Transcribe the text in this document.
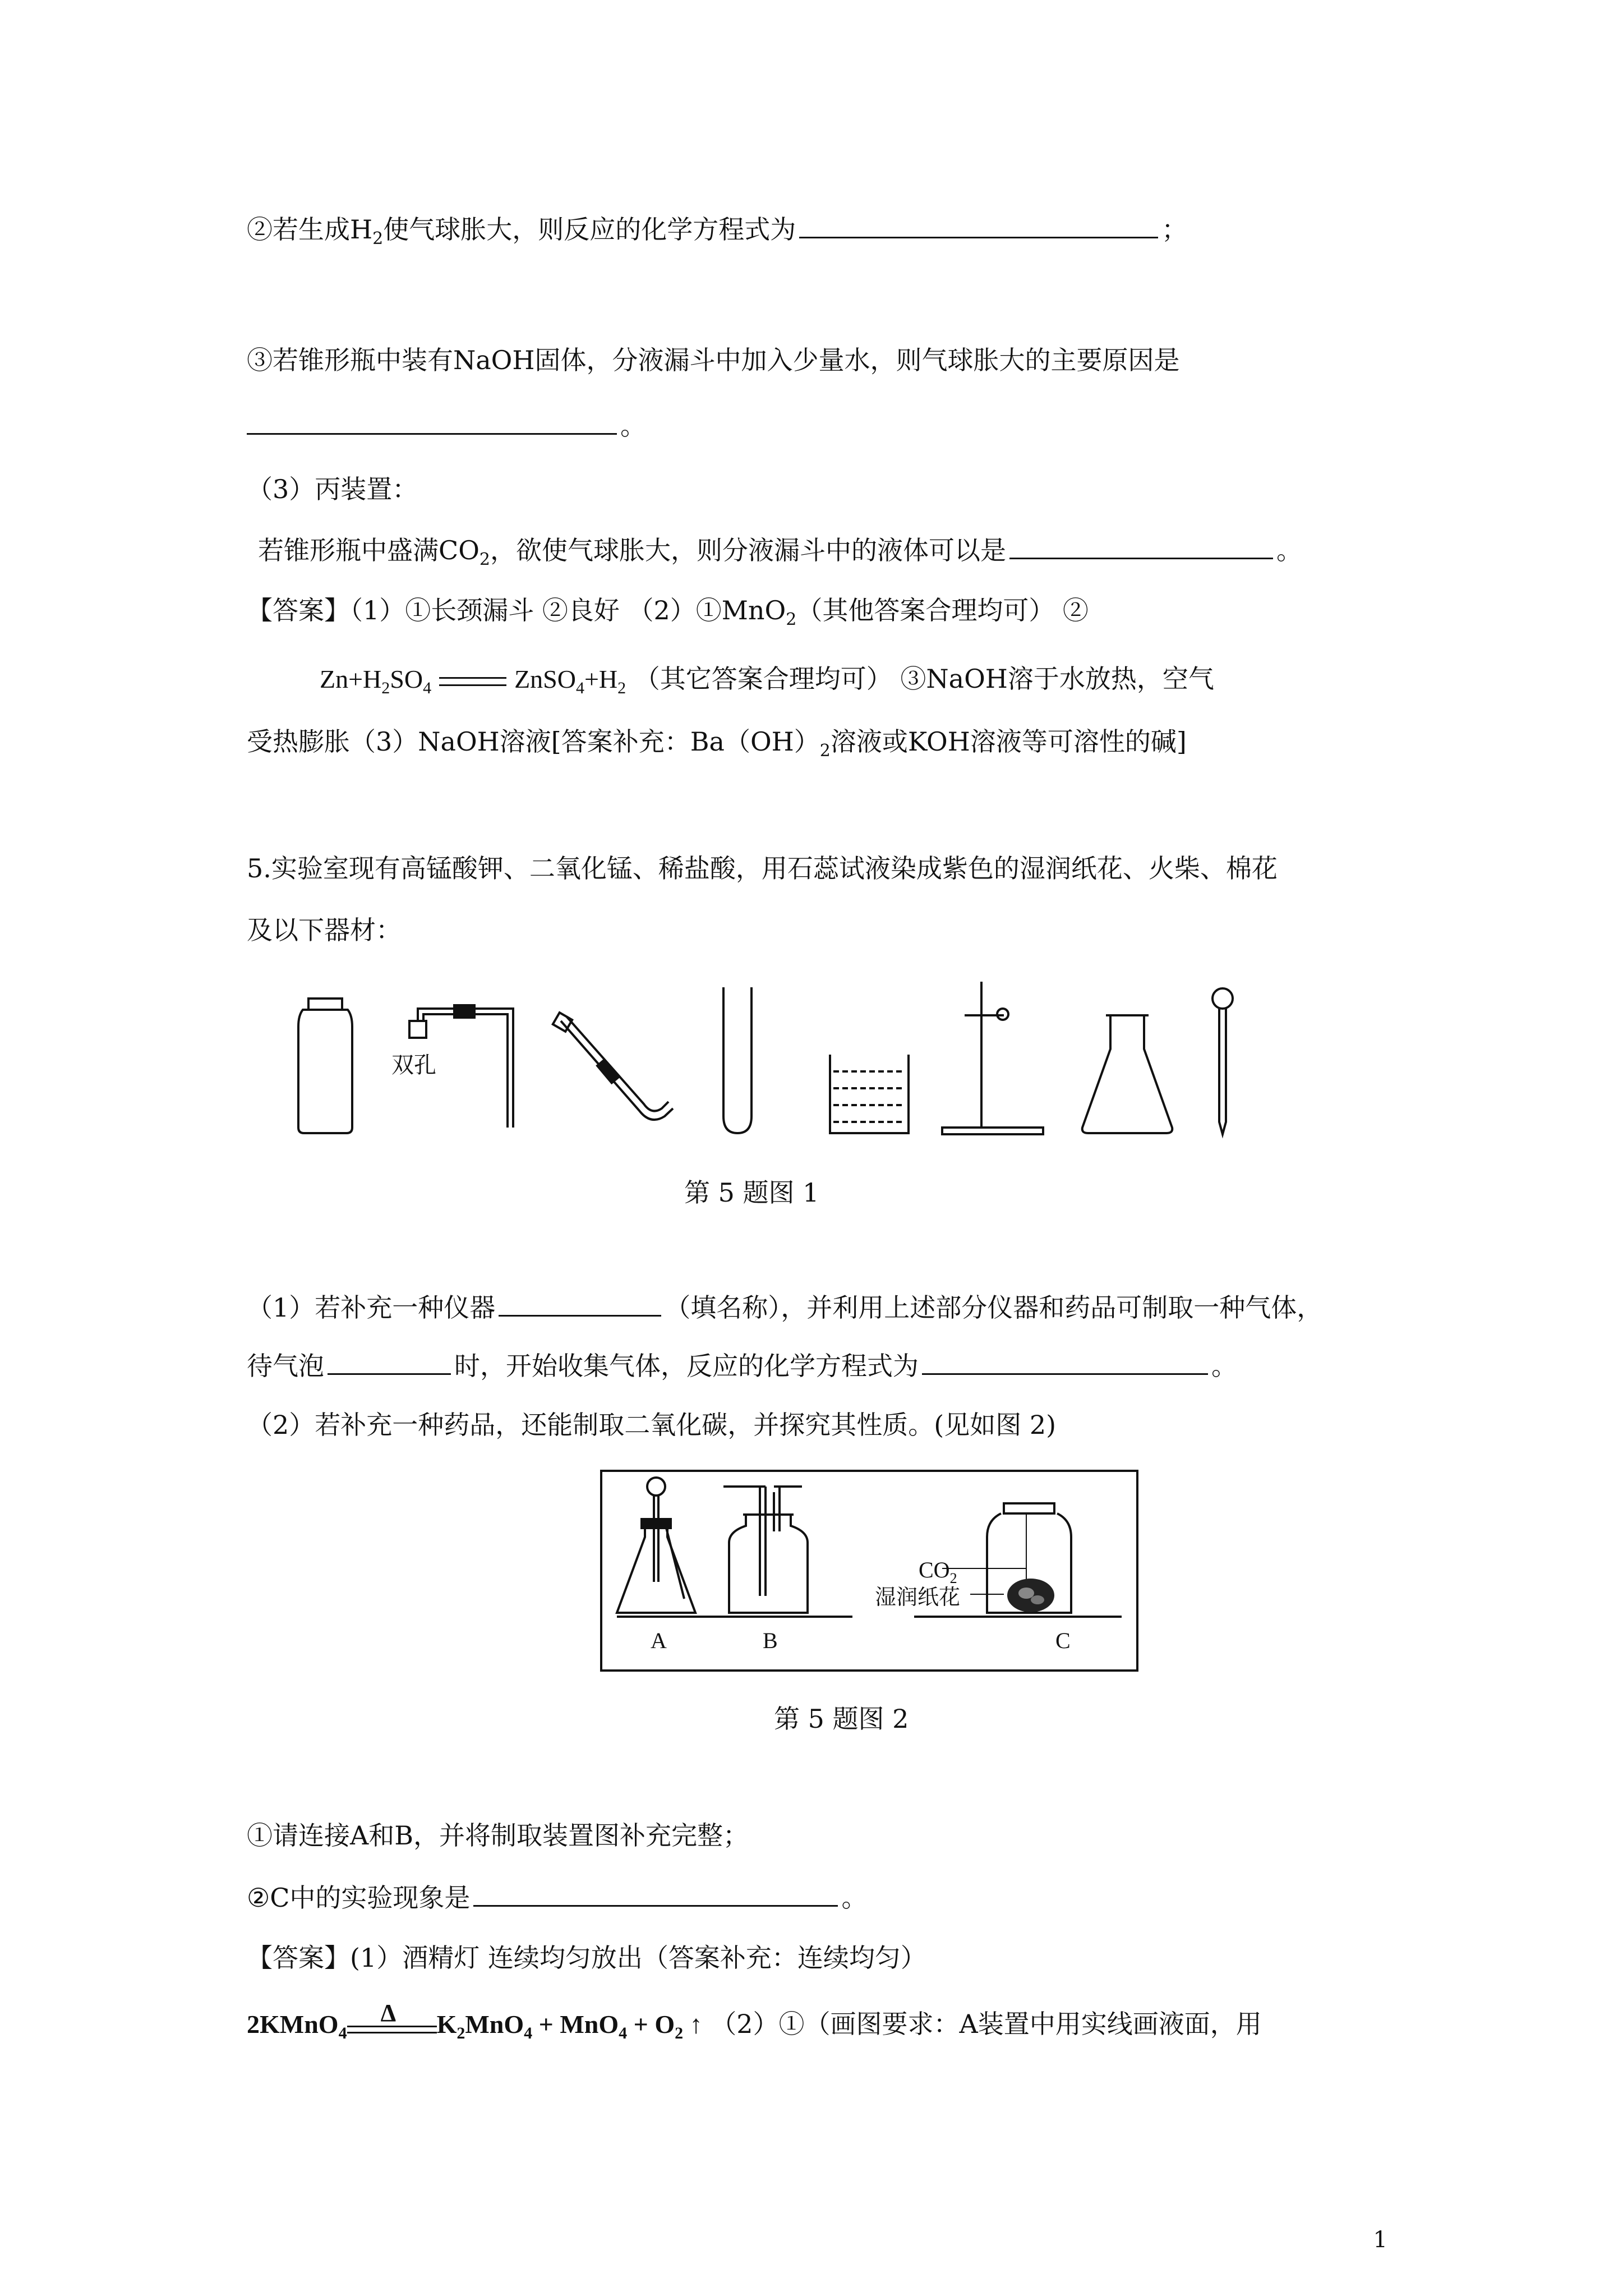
②若生成$H_2$使气球胀大，则反应的化学方程式为	；
③若锥形瓶中装有NaOH固体，分液漏斗中加入少量水，则气球胀大的主要原因是
。
（3）丙装置：
若锥形瓶中盛满$CO_2$，欲使气球胀大，则分液漏斗中的液体可以是	。
【答案】（1）①长颈漏斗 ②良好 （2）①MnO$_2$（其他答案合理均可） ②
$Zn+H_2SO_4$	$ZnSO_4+H_2$ （其它答案合理均可） ③NaOH溶于水放热，空气
受热膨胀（3）NaOH溶液[答案补充：$Ba(OH)_2$溶液或KOH溶液等可溶性的碱]
5.实验室现有高锰酸钾、二氧化锰、稀盐酸，用石蕊试液染成紫色的湿润纸花、火柴、棉花
及以下器材：
双孔
第 5 题图 1
（1）若补充一种仪器	（填名称），并利用上述部分仪器和药品可制取一种气体，
待气泡	时，开始收集气体，反应的化学方程式为	。
（2）若补充一种药品，还能制取二氧化碳，并探究其性质。(见如图 2)
$CO_2$
湿润纸花
A	B	C
第 5 题图 2
①请连接A和B，并将制取装置图补充完整；
②C中的实验现象是	。
【答案】(1）酒精灯 连续均匀放出（答案补充：连续均匀）
2KMnO$_4$
Δ $K_2MnO_4 + MnO_4 + O_2$ ↑ （2）①（画图要求：A装置中用实线画液面，用
1
